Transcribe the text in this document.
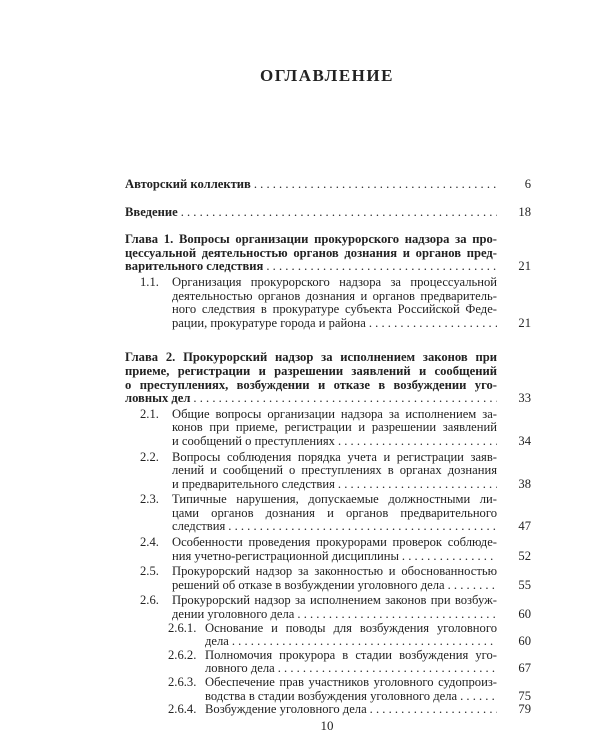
ОГЛАВЛЕНИЕ
Авторский коллектив . . .	6
Введение . . .	18
Глава 1. Вопросы организации прокурорского надзора за про-
цессуальной деятельностью органов дознания и органов пред-
варительного следствия . . .	21
1.1. Организация прокурорского надзора за процессуальной
деятельностью органов дознания и органов предваритель-
ного следствия в прокуратуре субъекта Российской Феде-
рации, прокуратуре города и района . . .	21
Глава 2. Прокурорский надзор за исполнением законов при
приеме, регистрации и разрешении заявлений и сообщений
о преступлениях, возбуждении и отказе в возбуждении уго-
ловных дел . . .	33
2.1. Общие вопросы организации надзора за исполнением за-
конов при приеме, регистрации и разрешении заявлений
и сообщений о преступлениях . . .	34
2.2. Вопросы соблюдения порядка учета и регистрации заяв-
лений и сообщений о преступлениях в органах дознания
и предварительного следствия . . .	38
2.3. Типичные нарушения, допускаемые должностными ли-
цами органов дознания и органов предварительного
следствия . . .	47
2.4. Особенности проведения прокурорами проверок соблюде-
ния учетно-регистрационной дисциплины . . .	52
2.5. Прокурорский надзор за законностью и обоснованностью
решений об отказе в возбуждении уголовного дела . . .	55
2.6. Прокурорский надзор за исполнением законов при возбуж-
дении уголовного дела . . .	60
2.6.1. Основание и поводы для возбуждения уголовного
дела . . .	60
2.6.2. Полномочия прокурора в стадии возбуждения уго-
ловного дела . . .	67
2.6.3. Обеспечение прав участников уголовного судопроиз-
водства в стадии возбуждения уголовного дела . . .	75
2.6.4. Возбуждение уголовного дела . . .	79
10
